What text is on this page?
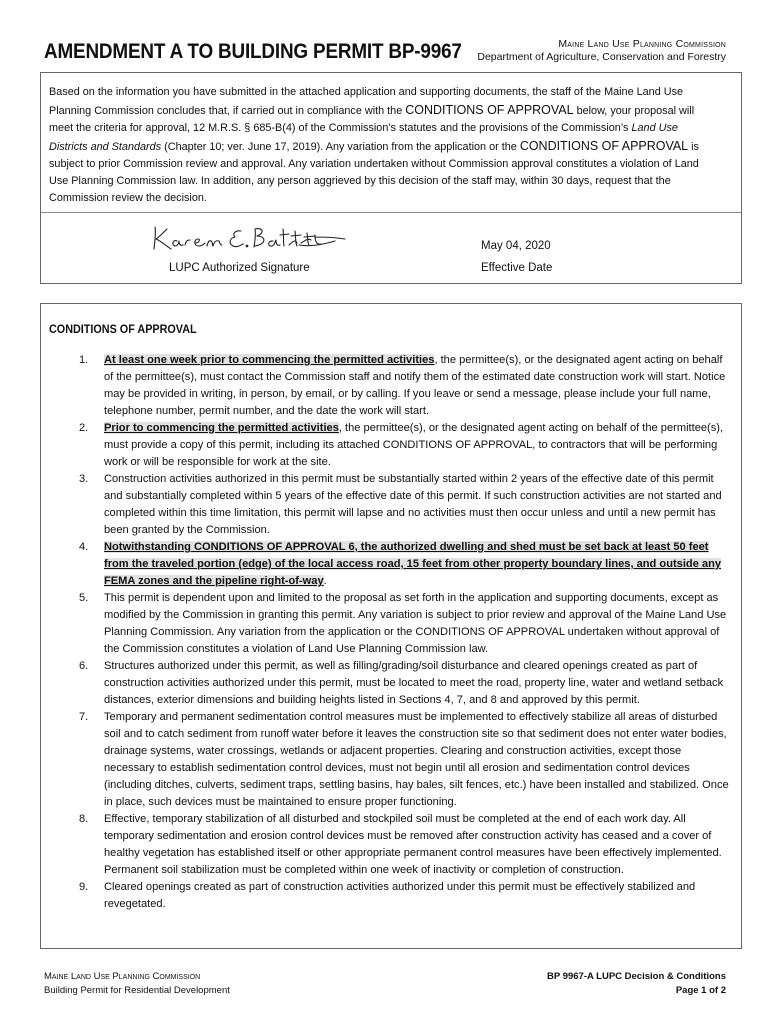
AMENDMENT A TO BUILDING PERMIT BP-9967	Maine Land Use Planning Commission
Department of Agriculture, Conservation and Forestry
Based on the information you have submitted in the attached application and supporting documents, the staff of the Maine Land Use Planning Commission concludes that, if carried out in compliance with the CONDITIONS OF APPROVAL below, your proposal will meet the criteria for approval, 12 M.R.S. § 685-B(4) of the Commission’s statutes and the provisions of the Commission’s Land Use Districts and Standards (Chapter 10; ver. June 17, 2019). Any variation from the application or the CONDITIONS OF APPROVAL is subject to prior Commission review and approval. Any variation undertaken without Commission approval constitutes a violation of Land Use Planning Commission law. In addition, any person aggrieved by this decision of the staff may, within 30 days, request that the Commission review the decision.
LUPC Authorized Signature
May 04, 2020
Effective Date
CONDITIONS OF APPROVAL
1. At least one week prior to commencing the permitted activities, the permittee(s), or the designated agent acting on behalf of the permittee(s), must contact the Commission staff and notify them of the estimated date construction work will start. Notice may be provided in writing, in person, by email, or by calling. If you leave or send a message, please include your full name, telephone number, permit number, and the date the work will start.
2. Prior to commencing the permitted activities, the permittee(s), or the designated agent acting on behalf of the permittee(s), must provide a copy of this permit, including its attached CONDITIONS OF APPROVAL, to contractors that will be performing work or will be responsible for work at the site.
3. Construction activities authorized in this permit must be substantially started within 2 years of the effective date of this permit and substantially completed within 5 years of the effective date of this permit. If such construction activities are not started and completed within this time limitation, this permit will lapse and no activities must then occur unless and until a new permit has been granted by the Commission.
4. Notwithstanding CONDITIONS OF APPROVAL 6, the authorized dwelling and shed must be set back at least 50 feet from the traveled portion (edge) of the local access road, 15 feet from other property boundary lines, and outside any FEMA zones and the pipeline right-of-way.
5. This permit is dependent upon and limited to the proposal as set forth in the application and supporting documents, except as modified by the Commission in granting this permit. Any variation is subject to prior review and approval of the Maine Land Use Planning Commission. Any variation from the application or the CONDITIONS OF APPROVAL undertaken without approval of the Commission constitutes a violation of Land Use Planning Commission law.
6. Structures authorized under this permit, as well as filling/grading/soil disturbance and cleared openings created as part of construction activities authorized under this permit, must be located to meet the road, property line, water and wetland setback distances, exterior dimensions and building heights listed in Sections 4, 7, and 8 and approved by this permit.
7. Temporary and permanent sedimentation control measures must be implemented to effectively stabilize all areas of disturbed soil and to catch sediment from runoff water before it leaves the construction site so that sediment does not enter water bodies, drainage systems, water crossings, wetlands or adjacent properties. Clearing and construction activities, except those necessary to establish sedimentation control devices, must not begin until all erosion and sedimentation control devices (including ditches, culverts, sediment traps, settling basins, hay bales, silt fences, etc.) have been installed and stabilized. Once in place, such devices must be maintained to ensure proper functioning.
8. Effective, temporary stabilization of all disturbed and stockpiled soil must be completed at the end of each work day. All temporary sedimentation and erosion control devices must be removed after construction activity has ceased and a cover of healthy vegetation has established itself or other appropriate permanent control measures have been effectively implemented. Permanent soil stabilization must be completed within one week of inactivity or completion of construction.
9. Cleared openings created as part of construction activities authorized under this permit must be effectively stabilized and revegetated.
Maine Land Use Planning Commission
Building Permit for Residential Development
BP 9967-A LUPC Decision & Conditions
Page 1 of 2
